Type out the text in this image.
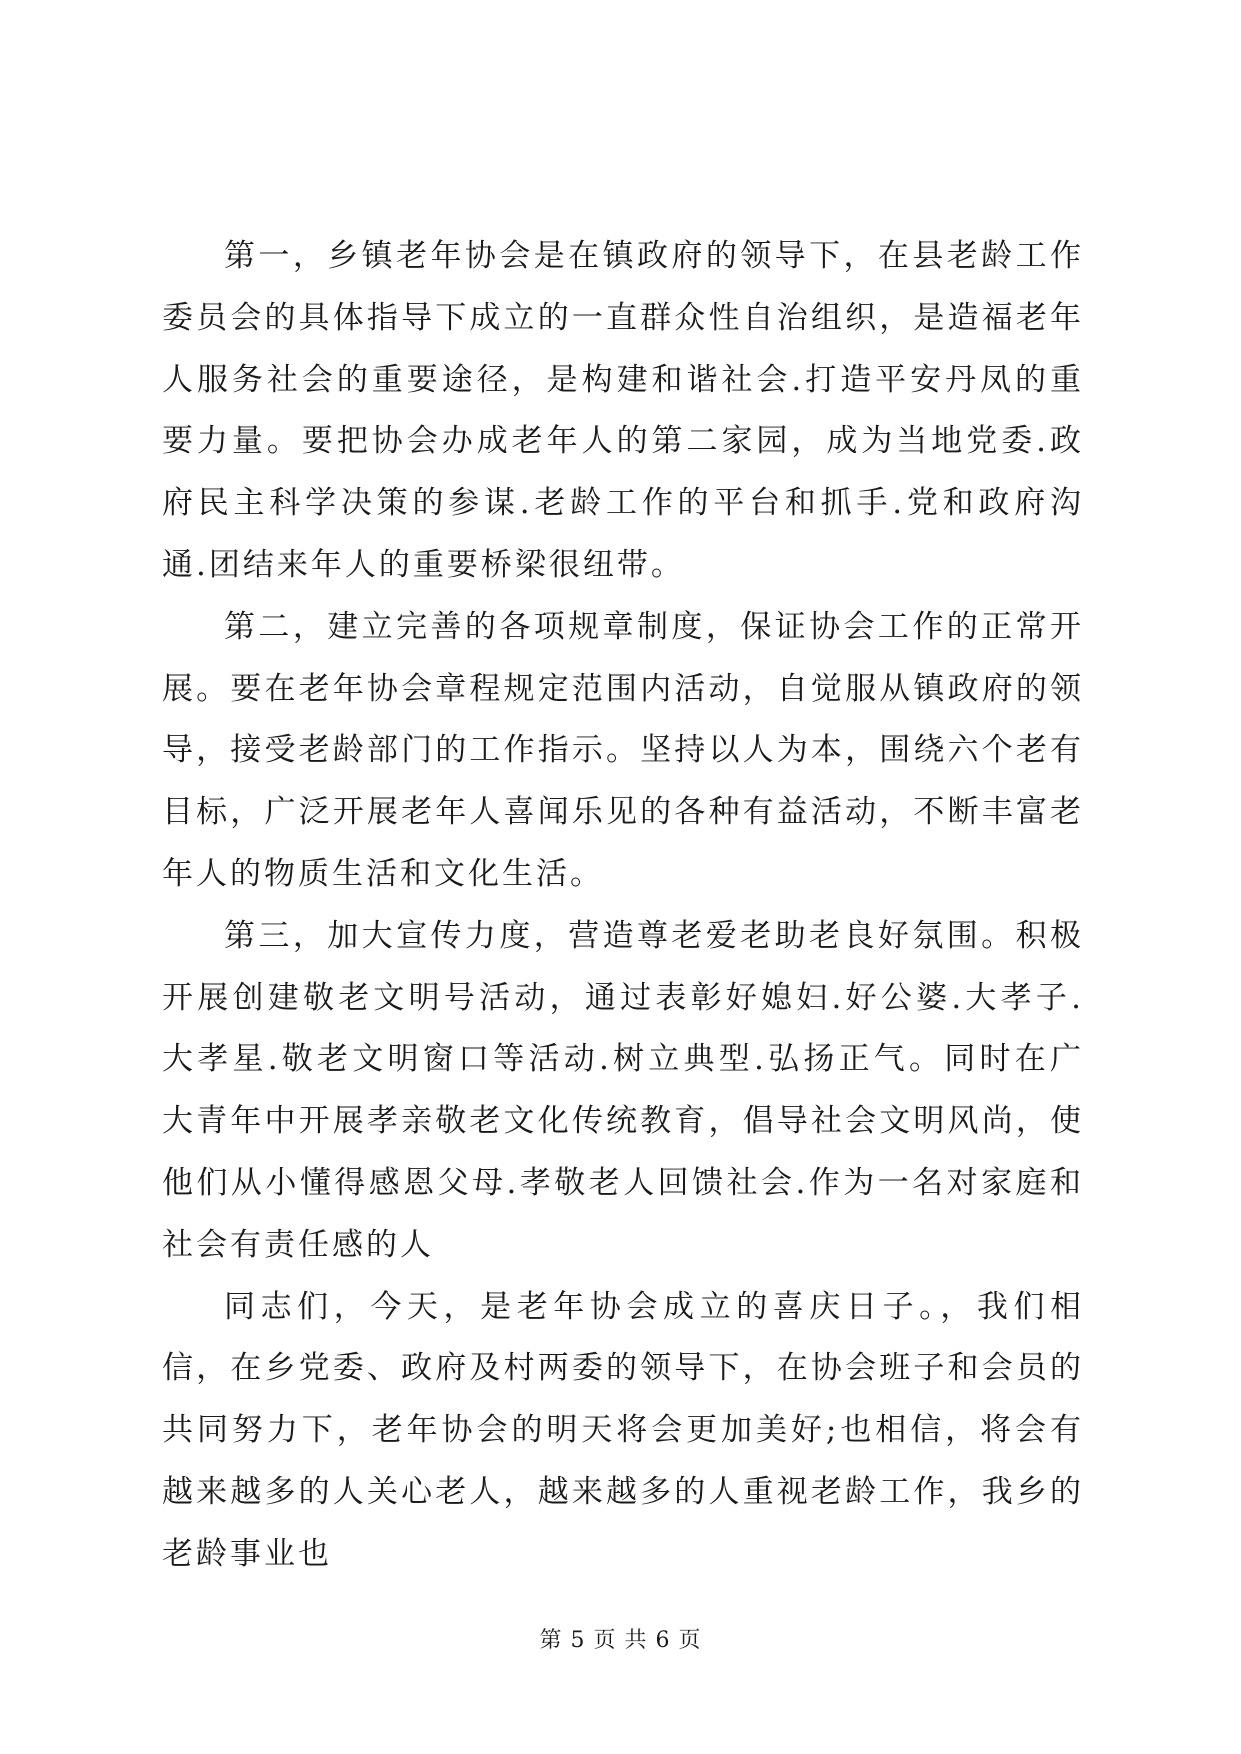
第一，乡镇老年协会是在镇政府的领导下，在县老龄工作委员会的具体指导下成立的一直群众性自治组织，是造福老年人服务社会的重要途径，是构建和谐社会.打造平安丹凤的重要力量。要把协会办成老年人的第二家园，成为当地党委.政府民主科学决策的参谋.老龄工作的平台和抓手.党和政府沟通.团结来年人的重要桥梁很纽带。

第二，建立完善的各项规章制度，保证协会工作的正常开展。要在老年协会章程规定范围内活动，自觉服从镇政府的领导，接受老龄部门的工作指示。坚持以人为本，围绕六个老有目标，广泛开展老年人喜闻乐见的各种有益活动，不断丰富老年人的物质生活和文化生活。

第三，加大宣传力度，营造尊老爱老助老良好氛围。积极开展创建敬老文明号活动，通过表彰好媳妇.好公婆.大孝子.大孝星.敬老文明窗口等活动.树立典型.弘扬正气。同时在广大青年中开展孝亲敬老文化传统教育，倡导社会文明风尚，使他们从小懂得感恩父母.孝敬老人回馈社会.作为一名对家庭和社会有责任感的人

同志们，今天，是老年协会成立的喜庆日子。，我们相信，在乡党委、政府及村两委的领导下，在协会班子和会员的共同努力下，老年协会的明天将会更加美好;也相信，将会有越来越多的人关心老人，越来越多的人重视老龄工作，我乡的老龄事业也

第 5 页 共 6 页
